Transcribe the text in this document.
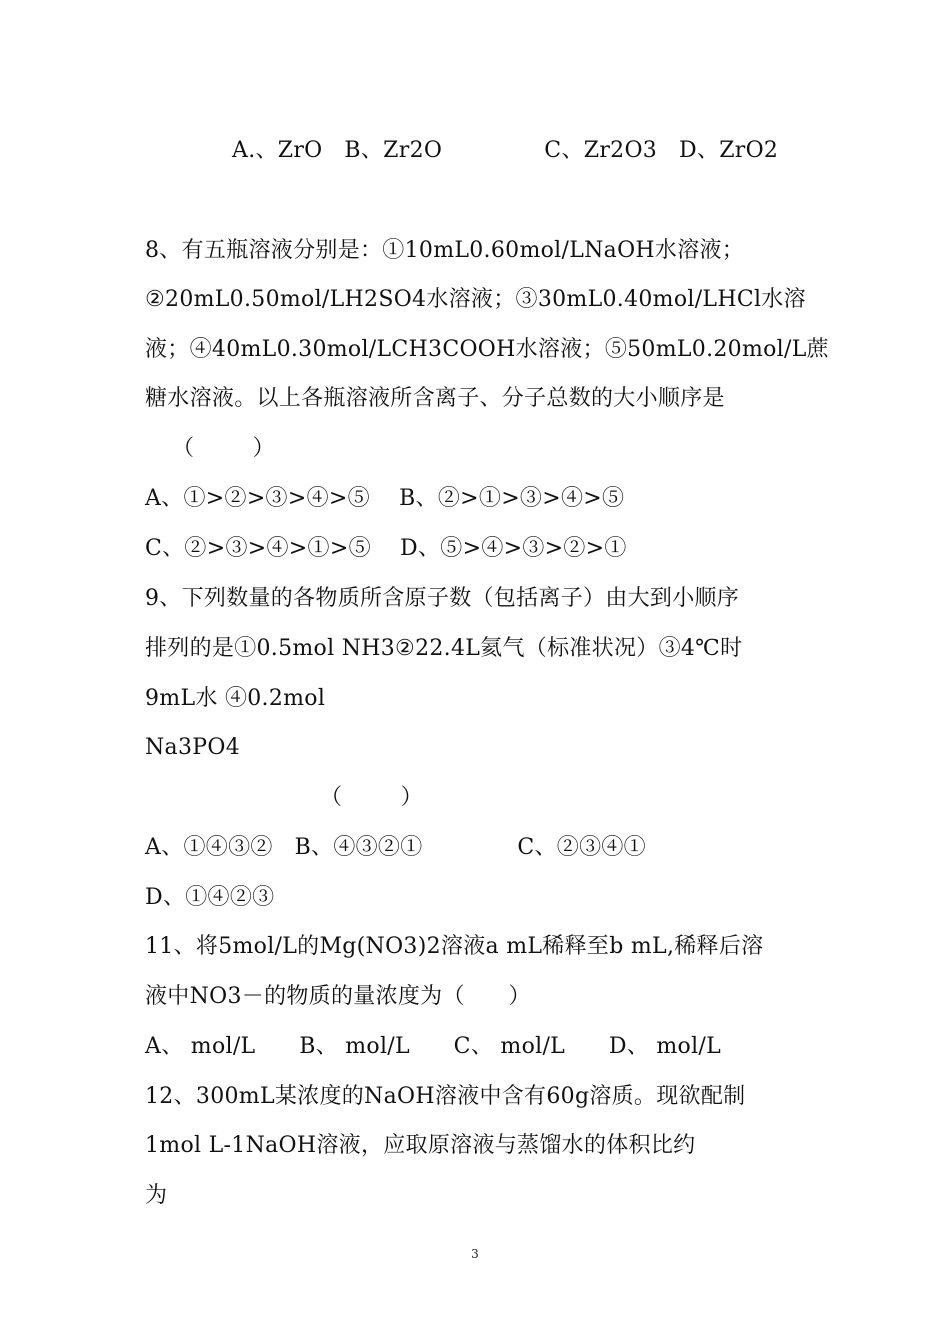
A.、ZrO   B、Zr2O              C、Zr2O3   D、ZrO2
8、有五瓶溶液分别是：①10mL0.60mol/LNaOH水溶液；
②20mL0.50mol/LH2SO4水溶液；③30mL0.40mol/LHCl水溶
液；④40mL0.30mol/LCH3COOH水溶液；⑤50mL0.20mol/L蔗
糖水溶液。以上各瓶溶液所含离子、分子总数的大小顺序是
（        ）
A、①>②>③>④>⑤    B、②>①>③>④>⑤
C、②>③>④>①>⑤    D、⑤>④>③>②>①
9、下列数量的各物质所含原子数（包括离子）由大到小顺序
排列的是①0.5mol NH3②22.4L氦气（标准状况）③4℃时
9mL水 ④0.2mol
Na3PO4
（        ）
A、①④③②   B、④③②①             C、②③④①
D、①④②③
11、将5mol/L的Mg(NO3)2溶液a mL稀释至b mL,稀释后溶
液中NO3－的物质的量浓度为（      ）
A、 mol/L      B、 mol/L      C、 mol/L      D、 mol/L
12、300mL某浓度的NaOH溶液中含有60g溶质。现欲配制
1mol L-1NaOH溶液，应取原溶液与蒸馏水的体积比约
为
3
